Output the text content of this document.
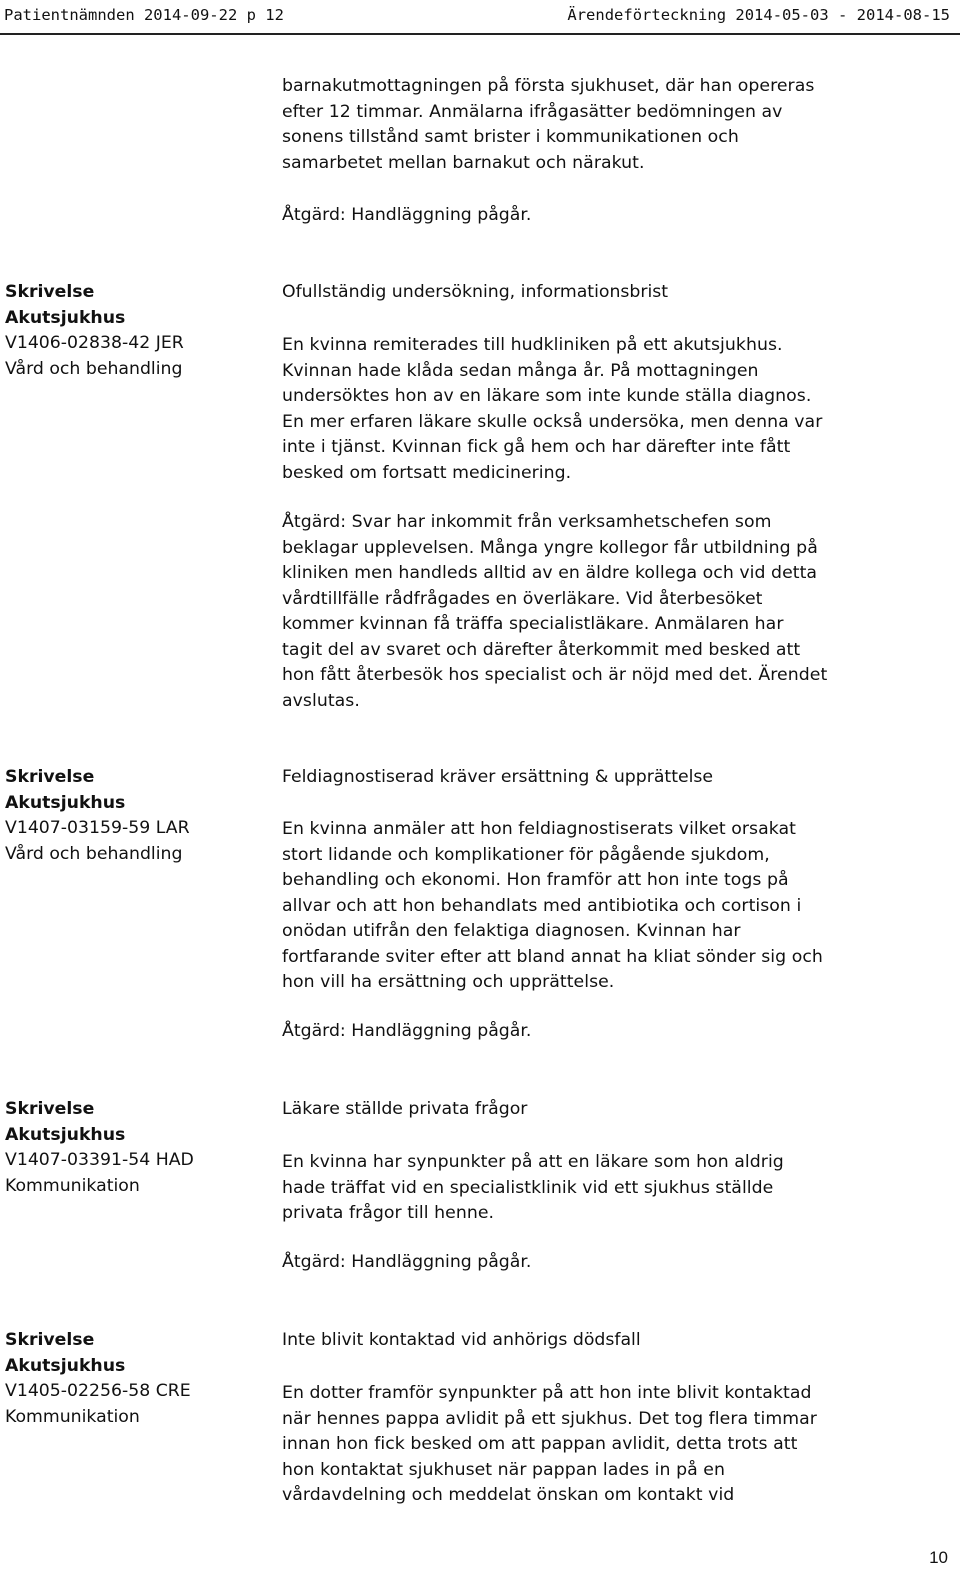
Patientnämnden 2014-09-22 p 12	Ärendeförteckning 2014-05-03 - 2014-08-15

barnakutmottagningen på första sjukhuset, där han opereras

efter 12 timmar. Anmälarna ifrågasätter bedömningen av

sonens tillstånd samt brister i kommunikationen och

samarbetet mellan barnakut och närakut.

Åtgärd: Handläggning pågår.
Skrivelse
Akutsjukhus
V1406-02838-42 JER
Vård och behandling
Ofullständig undersökning, informationsbrist

En kvinna remiterades till hudkliniken på ett akutsjukhus.

Kvinnan hade klåda sedan många år. På mottagningen

undersöktes hon av en läkare som inte kunde ställa diagnos.

En mer erfaren läkare skulle också undersöka, men denna var

inte i tjänst. Kvinnan fick gå hem och har därefter inte fått

besked om fortsatt medicinering.

Åtgärd: Svar har inkommit från verksamhetschefen som

beklagar upplevelsen. Många yngre kollegor får utbildning på

kliniken men handleds alltid av en äldre kollega och vid detta

vårdtillfälle rådfrågades en överläkare. Vid återbesöket

kommer kvinnan få träffa specialistläkare. Anmälaren har

tagit del av svaret och därefter återkommit med besked att

hon fått återbesök hos specialist och är nöjd med det. Ärendet

avslutas.

Skrivelse
Akutsjukhus
V1407-03159-59 LAR
Vård och behandling
Feldiagnostiserad kräver ersättning & upprättelse

En kvinna anmäler att hon feldiagnostiserats vilket orsakat

stort lidande och komplikationer för pågående sjukdom,

behandling och ekonomi. Hon framför att hon inte togs på

allvar och att hon behandlats med antibiotika och cortison i

onödan utifrån den felaktiga diagnosen. Kvinnan har

fortfarande sviter efter att bland annat ha kliat sönder sig och

hon vill ha ersättning och upprättelse.

Åtgärd: Handläggning pågår.
Skrivelse
Akutsjukhus
V1407-03391-54 HAD
Kommunikation
Läkare ställde privata frågor

En kvinna har synpunkter på att en läkare som hon aldrig

hade träffat vid en specialistklinik vid ett sjukhus ställde

privata frågor till henne.

Åtgärd: Handläggning pågår.
Skrivelse
Akutsjukhus
V1405-02256-58 CRE
Kommunikation
Inte blivit kontaktad vid anhörigs dödsfall

En dotter framför synpunkter på att hon inte blivit kontaktad

när hennes pappa avlidit på ett sjukhus. Det tog flera timmar

innan hon fick besked om att pappan avlidit, detta trots att

hon kontaktat sjukhuset när pappan lades in på en

vårdavdelning och meddelat önskan om kontakt vid

10
